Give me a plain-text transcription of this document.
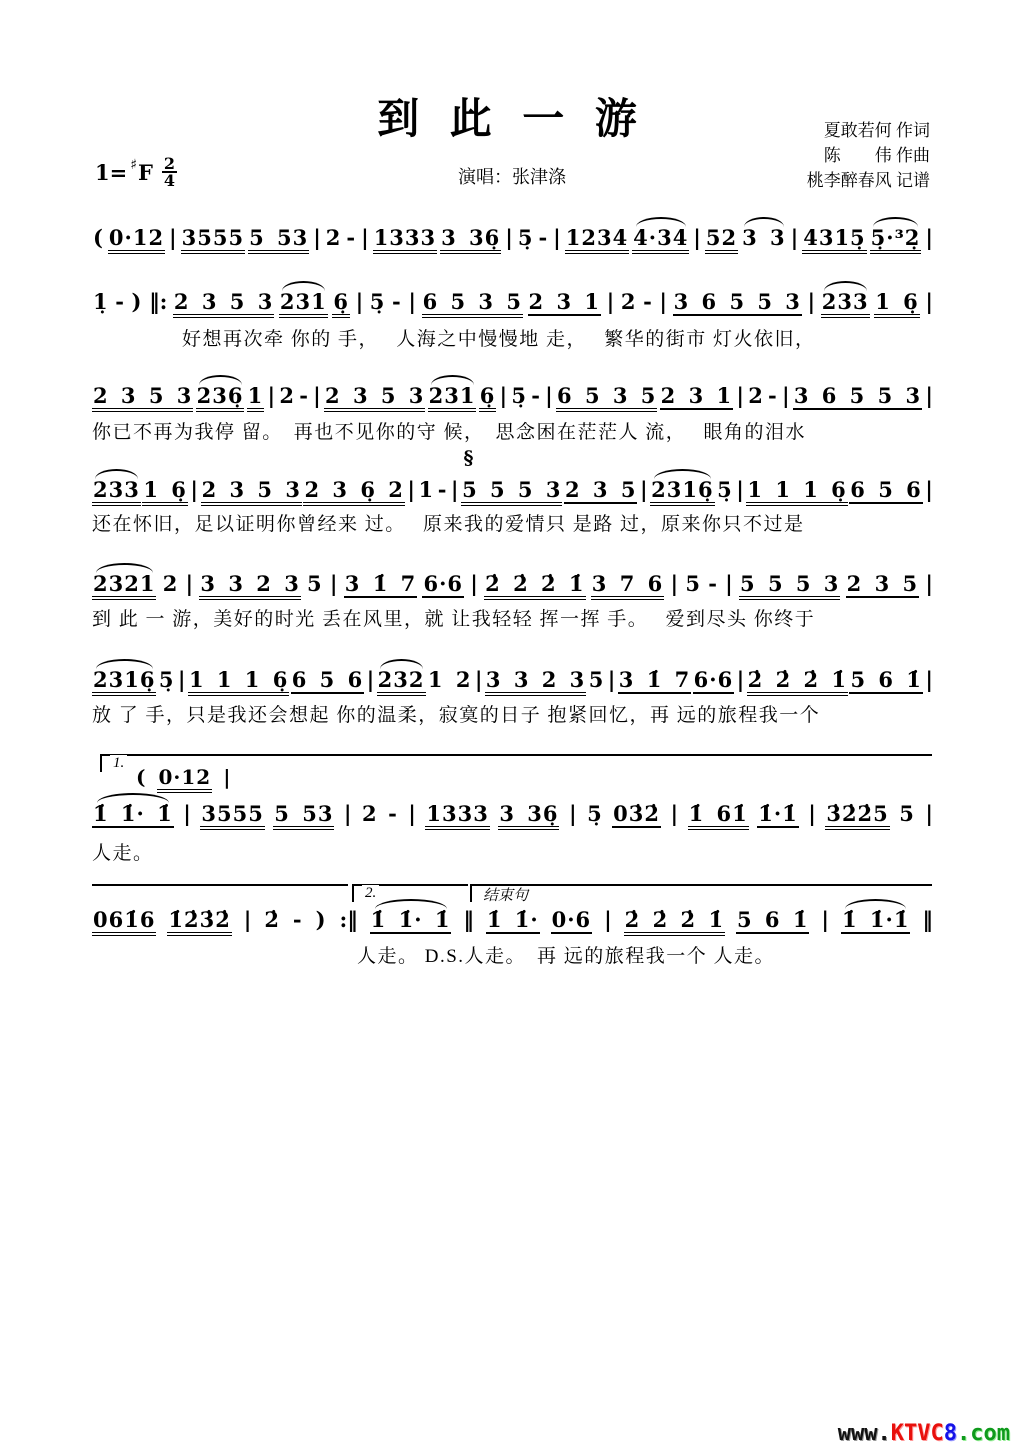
到 此 一 游	夏敢若何 作词
陈　　伟 作曲
桃李醉春风 记谱
演唱：张津涤
1= ♯ F $\frac{2}{4}$
( 0·12 | 3555 5 53 | 2 - | 1333 3 36̣ | 5̣ - | 1234 4·34 | 52 3 3 | 4315̣ 5̣·³2̣ |
1̣ - ) ‖: 2 3 5 3 231 6̣ | 5̣ - | 6 5 3 5 2 3 1 | 2 - | 3 6 5 5 3 | 233 1 6̣ |
好想再次牵 你的 手，　 人海之中慢慢地 走，　 繁华的街市 灯火依旧，
2 3 5 3 236̣ 1 | 2 - | 2 3 5 3 231 6̣ | 5̣ - | 6 5 3 5 2 3 1 | 2 - | 3 6 5 5 3 |
你已不再为我停 留。　再也不见你的守 候，　思念困在茫茫人 流，　 眼角的泪水
233 1 6̣ | 2 3 5 3 2 3 6̣ 2 | 1 -
§
| 5 5 5 3 2 3 5 | 2316̣ 5̣ | 1 1 1 6̣ 6 5 6 |
还在怀旧，足以证明你曾经来 过。　 原来我的爱情只 是路 过，原来你只不过是
2321 2 | 3 3 2 3 5 | 3 1̇ 7 6·6 | 2̇ 2̇ 2̇ 1̇ 3 7 6 | 5 - | 5 5 5 3 2 3 5 |
到 此 一 游，美好的时光 丢在风里，就 让我轻轻 挥一挥 手。　 爱到尽头 你终于
2316̣ 5̣ | 1 1 1 6̣ 6 5 6 | 232 1 2 | 3 3 2 3 5 | 3 1̇ 7 6·6 | 2̇ 2̇ 2̇ 1̇ 5 6 1̇ |
放 了 手，只是我还会想起 你的温柔，寂寞的日子 抱紧回忆，再 远的旅程我一个
1.
( 0·12 |
1̇ 1̇· 1̇ | 3555 5 53 | 2 - | 1333 3 36̣ | 5̣ 03̇2̇ | 1̇ 61̇ 1̇·1̇ | 3̇2̇2̇5 5 |
人走。
2.	结束句
061̇6 1̇2̇3̇2̇ | 2̇ - ) :‖ 1̇ 1̇· 1̇ ‖ 1̇ 1̇· 0·6 | 2̇ 2̇ 2̇ 1̇ 5 6 1̇ | 1̇ 1̇·1̇ ‖
人走。 D.S.人走。　再 远的旅程我一个 人走。
www.KTVC8.com
